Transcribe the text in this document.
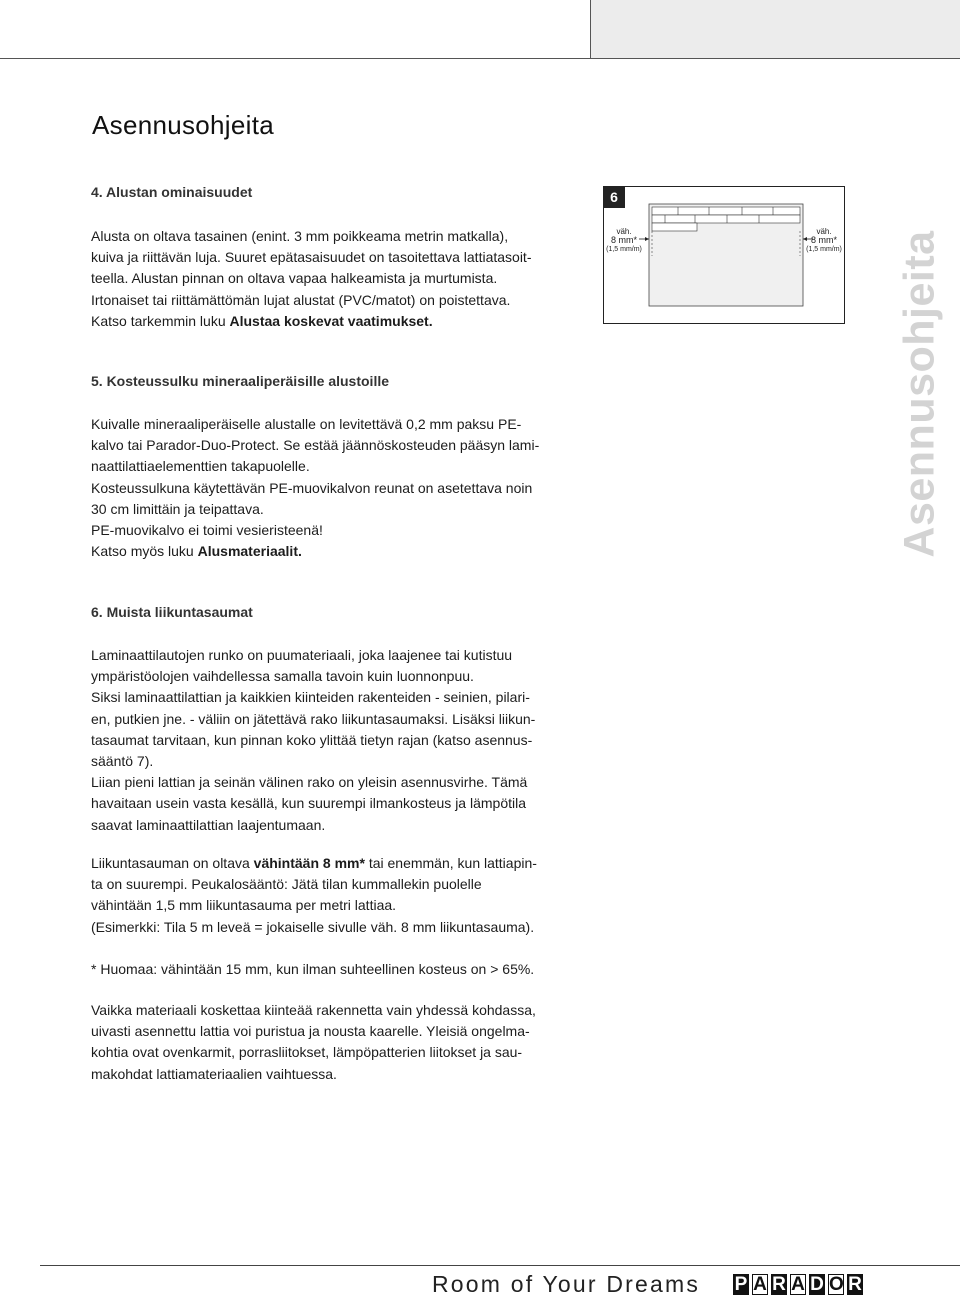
Asennusohjeita
4. Alustan ominaisuudet

Alusta on oltava tasainen (enint. 3 mm poikkeama metrin matkalla),
kuiva ja riittävän luja. Suuret epätasaisuudet on tasoitettava lattiatasoit-
teella. Alustan pinnan on oltava vapaa halkeamista ja murtumista.
Irtonaiset tai riittämättömän lujat alustat (PVC/matot) on poistettava.
Katso tarkemmin luku Alustaa koskevat vaatimukset.

5. Kosteussulku mineraaliperäisille alustoille

Kuivalle mineraaliperäiselle alustalle on levitettävä 0,2 mm paksu PE-
kalvo tai Parador-Duo-Protect. Se estää jäännöskosteuden pääsyn lami-
naattilattiaelementtien takapuolelle.
Kosteussulkuna käytettävän PE-muovikalvon reunat on asetettava noin
30 cm limittäin ja teipattava.
PE-muovikalvo ei toimi vesieristeenä!
Katso myös luku Alusmateriaalit.

6. Muista liikuntasaumat

Laminaattilautojen runko on puumateriaali, joka laajenee tai kutistuu
ympäristöolojen vaihdellessa samalla tavoin kuin luonnonpuu.
Siksi laminaattilattian ja kaikkien kiinteiden rakenteiden - seinien, pilari-
en, putkien jne. - väliin on jätettävä rako liikuntasaumaksi. Lisäksi liikun-
tasaumat tarvitaan, kun pinnan koko ylittää tietyn rajan (katso asennus-
sääntö 7).
Liian pieni lattian ja seinän välinen rako on yleisin asennusvirhe. Tämä
havaitaan usein vasta kesällä, kun suurempi ilmankosteus ja lämpötila
saavat laminaattilattian laajentumaan.

Liikuntasauman on oltava vähintään 8 mm* tai enemmän, kun lattiapin-
ta on suurempi. Peukalosääntö: Jätä tilan kummallekin puolelle
vähintään 1,5 mm liikuntasauma per metri lattiaa.
(Esimerkki: Tila 5 m leveä = jokaiselle sivulle väh. 8 mm liikuntasauma).

* Huomaa: vähintään 15 mm, kun ilman suhteellinen kosteus on > 65%.

Vaikka materiaali koskettaa kiinteää rakennetta vain yhdessä kohdassa,
uivasti asennettu lattia voi puristua ja nousta kaarelle. Yleisiä ongelma-
kohtia ovat ovenkarmit, porrasliitokset, lämpöpatterien liitokset ja sau-
makohdat lattiamateriaalien vaihtuessa.

6
väh.
8 mm*
(1,5 mm/m)
väh.
8 mm*
(1,5 mm/m) Asennusohjeita
Room of Your Dreams P A R A D O R
